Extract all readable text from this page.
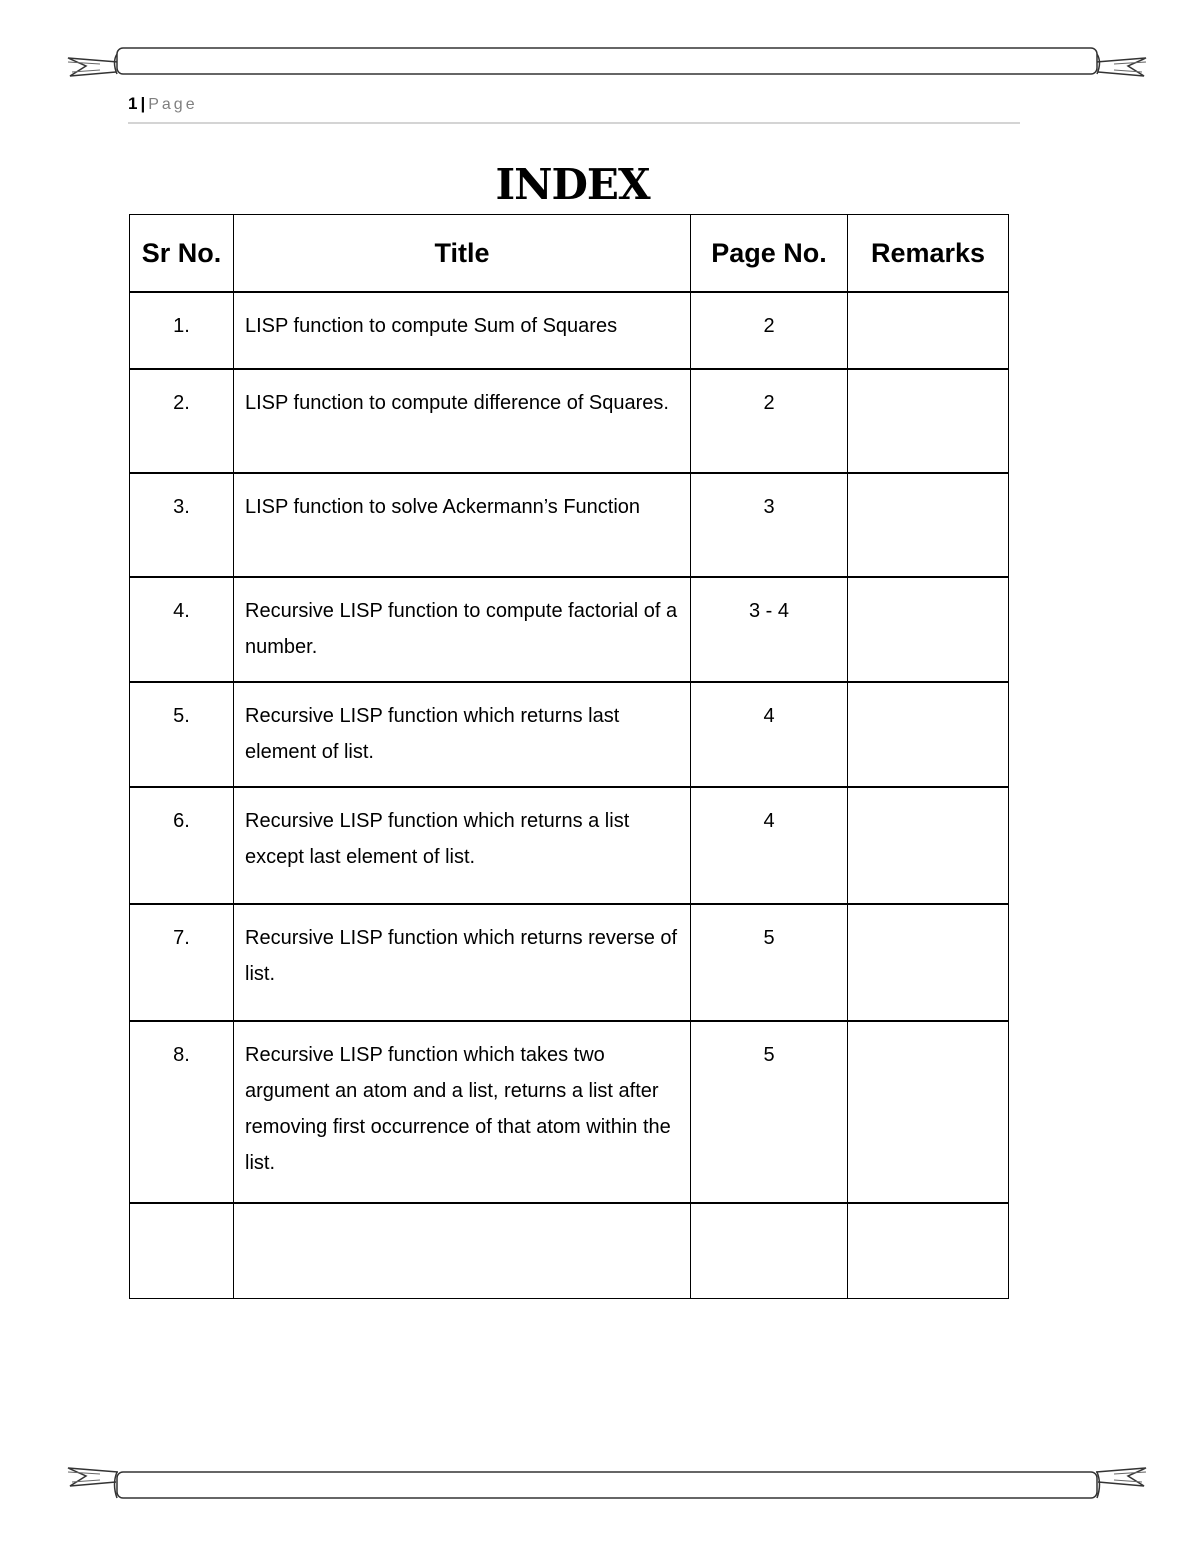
1 | Page
INDEX
Sr No.	Title	Page No.	Remarks
1.	LISP function to compute Sum of Squares	2	
2.	LISP function to compute difference of Squares.	2	
3.	LISP function to solve Ackermann’s Function	3	
4.	Recursive LISP function to compute factorial of a number.	3 - 4	
5.	Recursive LISP function which returns last element of list.	4	
6.	Recursive LISP function which returns a list except last element of list.	4	
7.	Recursive LISP function which returns reverse of list.	5	
8.	Recursive LISP function which takes two argument an atom and a list, returns a list after removing first occurrence of that atom within the list.	5	
